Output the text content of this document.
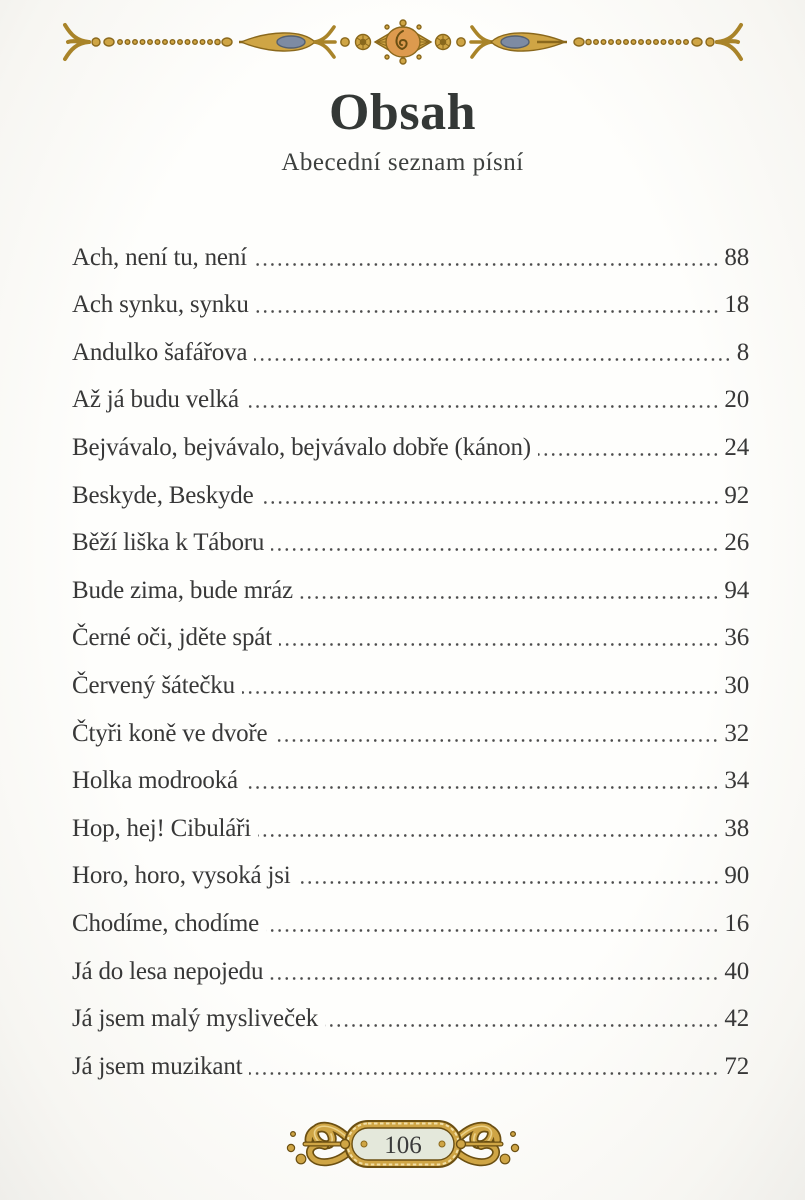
Obsah
Abecední seznam písní
Ach, není tu, není	88
Ach synku, synku	18
Andulko šafářova	8
Až já budu velká	20
Bejvávalo, bejvávalo, bejvávalo dobře (kánon)	24
Beskyde, Beskyde	92
Běží liška k Táboru	26
Bude zima, bude mráz	94
Černé oči, jděte spát	36
Červený šátečku	30
Čtyři koně ve dvoře	32
Holka modrooká	34
Hop, hej! Cibuláři	38
Horo, horo, vysoká jsi	90
Chodíme, chodíme	16
Já do lesa nepojedu	40
Já jsem malý mysliveček	42
Já jsem muzikant	72
106
